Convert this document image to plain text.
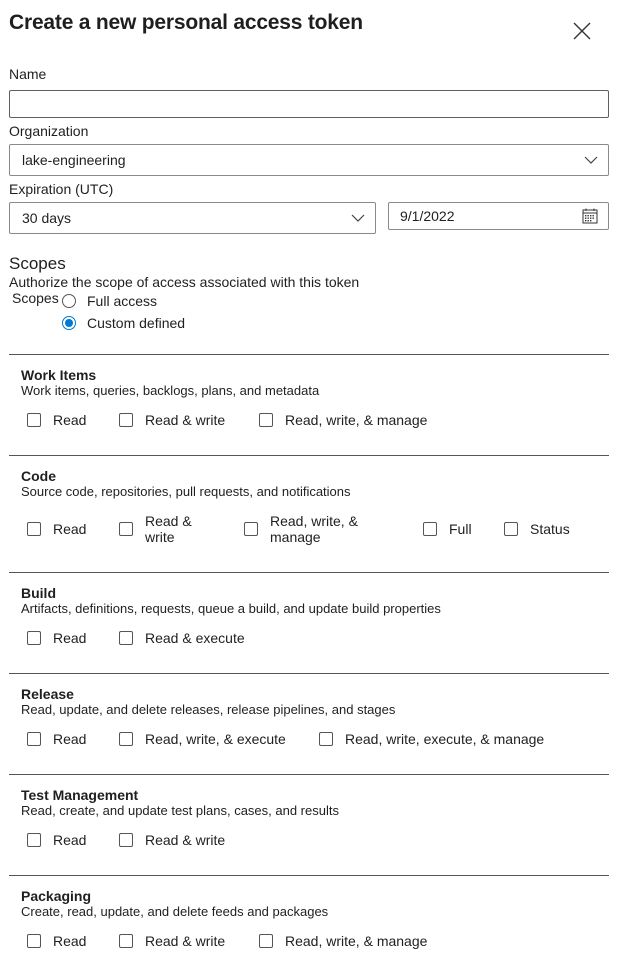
Create a new personal access token
Name
Organization
lake-engineering
Expiration (UTC)
30 days	9/1/2022
Scopes
Authorize the scope of access associated with this token
Scopes Full access
Custom defined
Work Items
Work items, queries, backlogs, plans, and metadata
Read	Read & write	Read, write, & manage
Code
Source code, repositories, pull requests, and notifications
Read	Read & write
Read, write, & manage	Full	Status
Build
Artifacts, definitions, requests, queue a build, and update build properties
Read	Read & execute
Release
Read, update, and delete releases, release pipelines, and stages
Read	Read, write, & execute	Read, write, execute, & manage
Test Management
Read, create, and update test plans, cases, and results
Read	Read & write
Packaging
Create, read, update, and delete feeds and packages
Read	Read & write	Read, write, & manage
